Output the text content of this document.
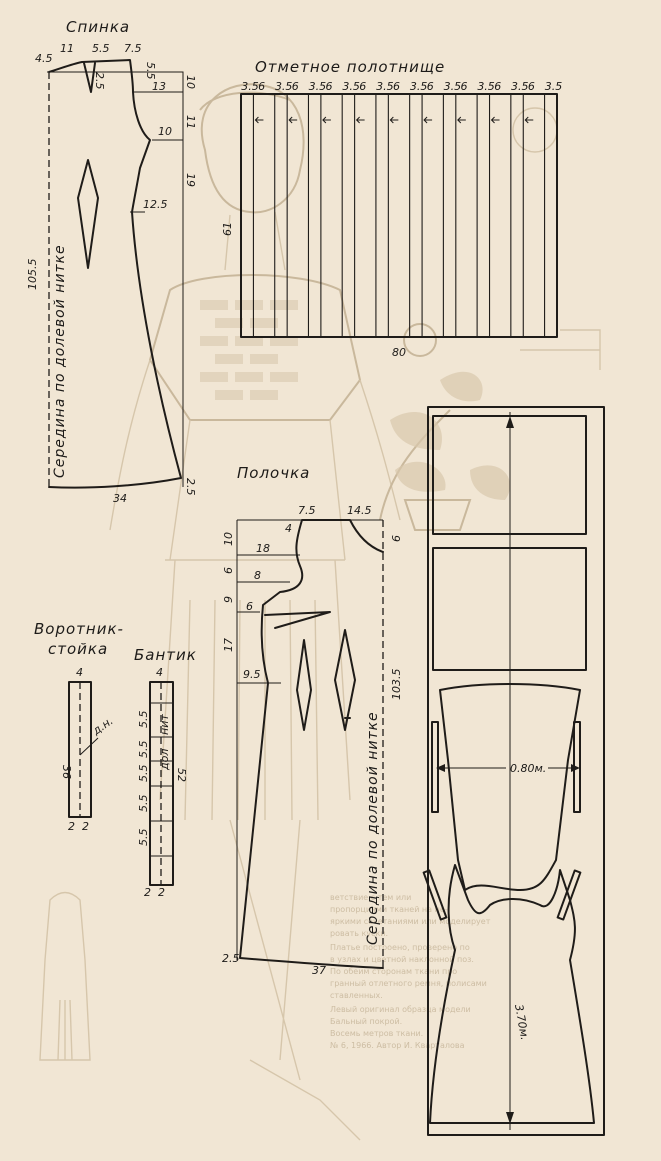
ветствие с тем или
пропорциями тканей на не-
яркими сочетаниями или моделирует
ровать куски.
Платье построено, проверено по
в узлах и цветной наклонной поз.
По обеим сторонам ткани про
гранный отлетного ремня, полисами
ставленных.
Левый оригинал образца модели
Бальный покрой.
Восемь метров ткани.
№ 6, 1966. Автор И. Кварталова
Спинка
4.5
11 5.5 7.5
2.5
5.5
10
13
11
10
19
12.5
105.5
34
2.5
Середина по долевой нитке
Отметное полотнище
3.5 6 3.5 6 3.5 6 3.5 6 3.5 6 3.5 6 3.5 6 3.5 6 3.5 6 3.5
61
80
Полочка
7.5	14.5
4
9
10
18
6 8
9
6
17
9.5	103.5
37
2.5
Середина по долевой нитке
Воротник-
стойка
4
36
2 2
д.н.
Бантик
4
5.5
5.5
5.5
5.5
5.5
52
2 2
дол
нит
0.80м.
3.70м.
